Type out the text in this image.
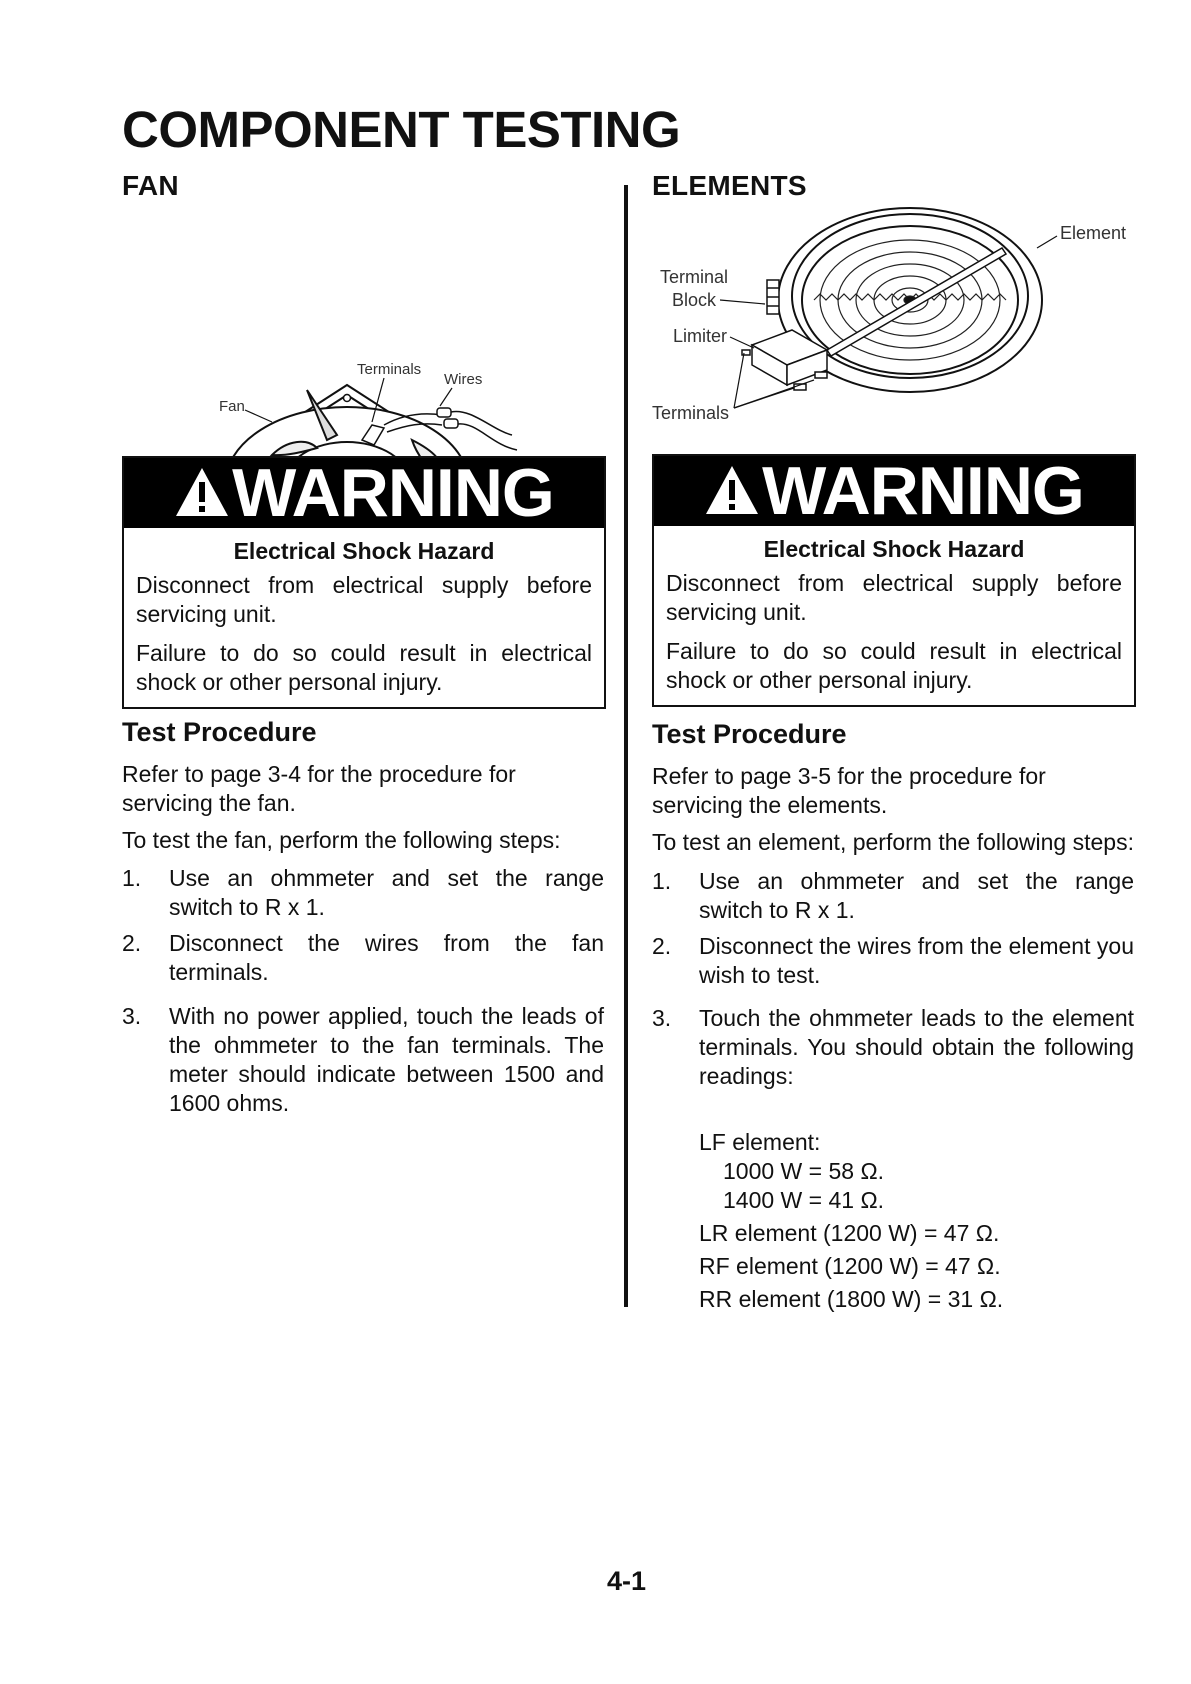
COMPONENT TESTING
FAN
Terminals
Wires
Fan
WARNING
Electrical Shock Hazard

Disconnect from electrical supply before servicing unit.

Failure to do so could result in electrical shock or other personal injury.

Test Procedure

Refer to page 3-4 for the procedure for servicing the fan.

To test the fan, perform the following steps:

1. Use an ohmmeter and set the range switch to R x 1.
2. Disconnect the wires from the fan terminals.
3. With no power applied, touch the leads of the ohmmeter to the fan terminals. The meter should indicate between 1500 and 1600 ohms.
ELEMENTS
Element
Terminal
Block
Limiter
Terminals
WARNING
Electrical Shock Hazard

Disconnect from electrical supply before servicing unit.

Failure to do so could result in electrical shock or other personal injury.

Test Procedure

Refer to page 3-5 for the procedure for servicing the elements.

To test an element, perform the following steps:

1. Use an ohmmeter and set the range switch to R x 1.
2. Disconnect the wires from the element you wish to test.
3. Touch the ohmmeter leads to the element terminals. You should obtain the following readings:
LF element:
1000 W = 58 Ω.
1400 W = 41 Ω.
LR element (1200 W) = 47 Ω.
RF element (1200 W) = 47 Ω.
RR element (1800 W) = 31 Ω.
4-1
